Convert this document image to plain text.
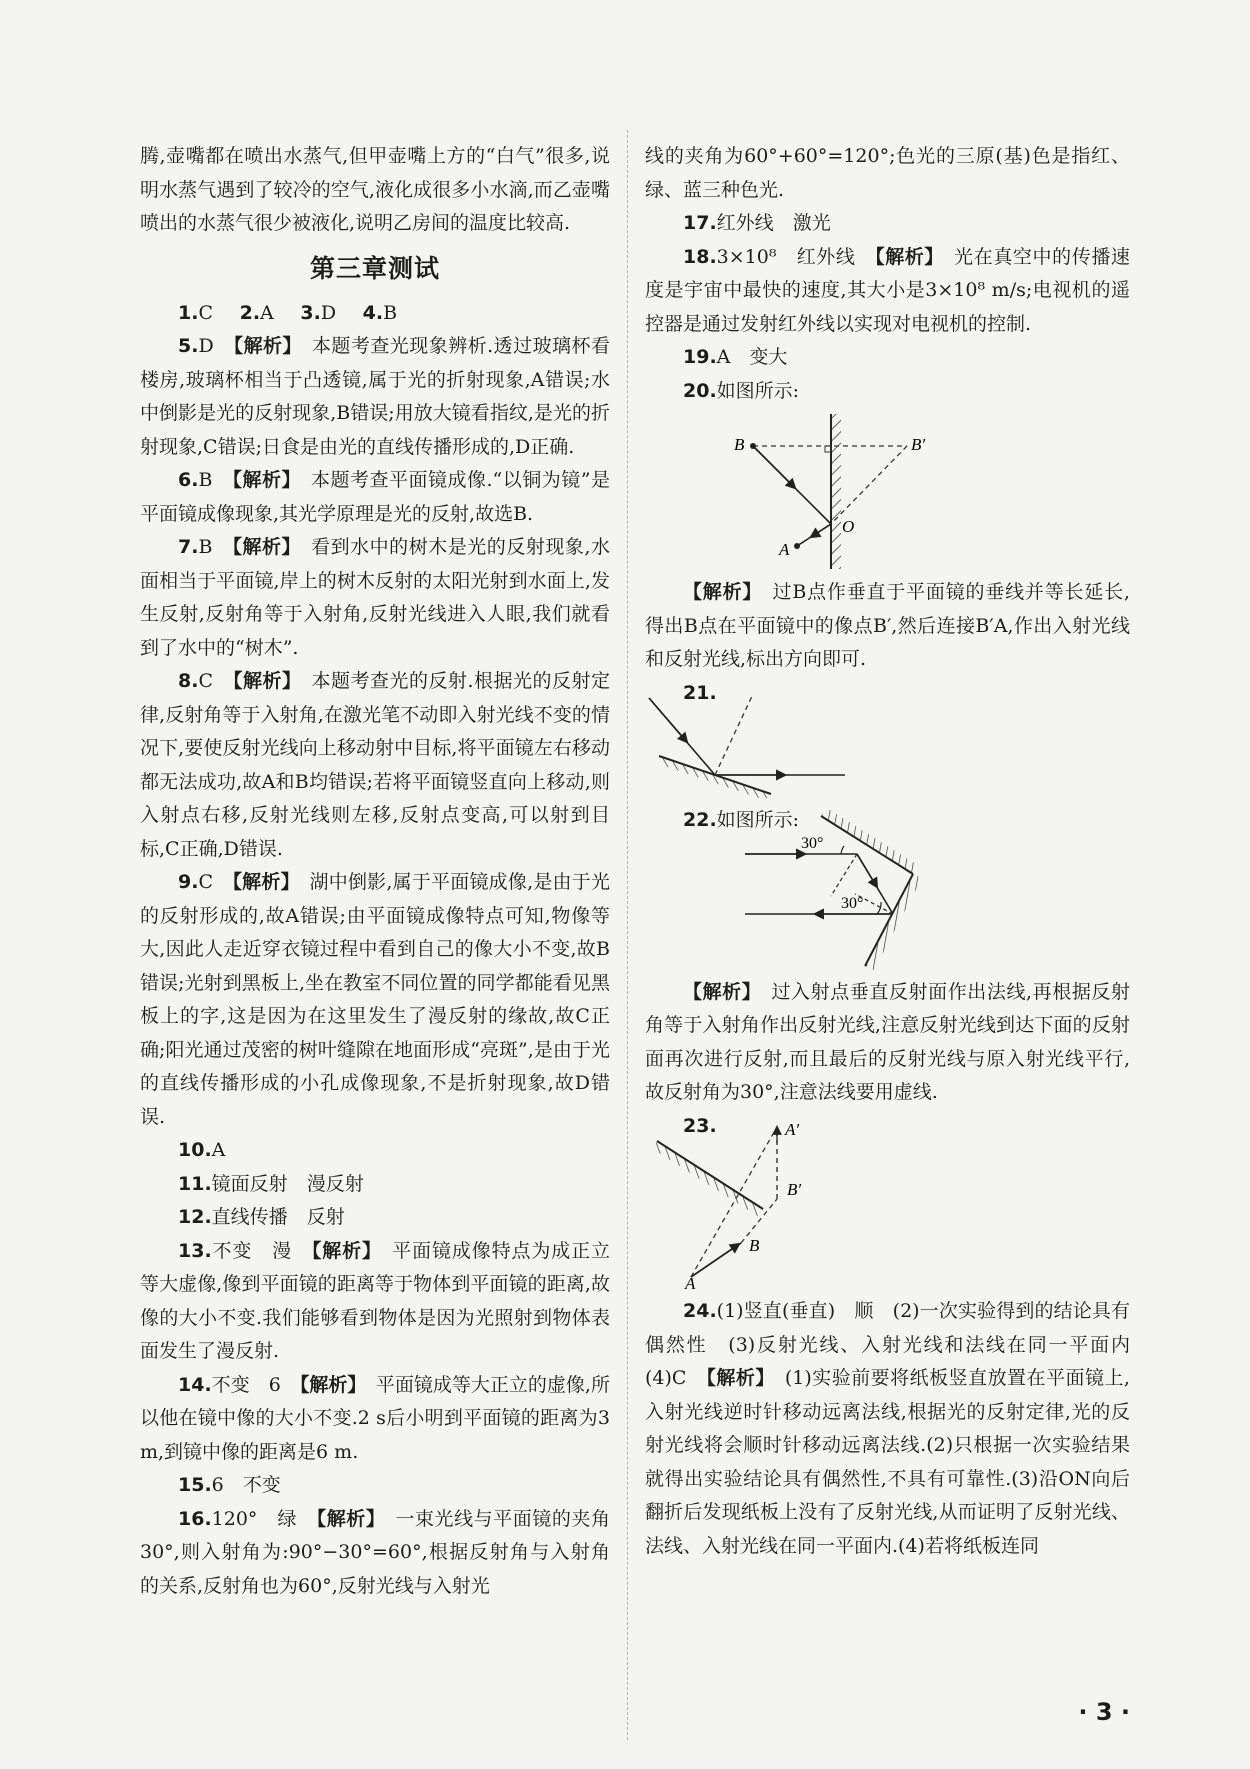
腾,壶嘴都在喷出水蒸气,但甲壶嘴上方的“白气”很多,说明水蒸气遇到了较冷的空气,液化成很多小水滴,而乙壶嘴喷出的水蒸气很少被液化,说明乙房间的温度比较高.

第三章测试

1.C 2.A 3.D 4.B

5.D　 【解析】　 本题考查光现象辨析.透过玻璃杯看楼房,玻璃杯相当于凸透镜,属于光的折射现象,A错误;水中倒影是光的反射现象,B错误;用放大镜看指纹,是光的折射现象,C错误;日食是由光的直线传播形成的,D正确.

6.B　 【解析】　 本题考查平面镜成像.“以铜为镜”是平面镜成像现象,其光学原理是光的反射,故选B.

7.B　 【解析】　 看到水中的树木是光的反射现象,水面相当于平面镜,岸上的树木反射的太阳光射到水面上,发生反射,反射角等于入射角,反射光线进入人眼,我们就看到了水中的“树木”.

8.C　 【解析】　 本题考查光的反射.根据光的反射定律,反射角等于入射角,在激光笔不动即入射光线不变的情况下,要使反射光线向上移动射中目标,将平面镜左右移动都无法成功,故A和B均错误;若将平面镜竖直向上移动,则入射点右移,反射光线则左移,反射点变高,可以射到目标,C正确,D错误.

9.C　 【解析】　 湖中倒影,属于平面镜成像,是由于光的反射形成的,故A错误;由平面镜成像特点可知,物像等大,因此人走近穿衣镜过程中看到自己的像大小不变,故B错误;光射到黑板上,坐在教室不同位置的同学都能看见黑板上的字,这是因为在这里发生了漫反射的缘故,故C正确;阳光通过茂密的树叶缝隙在地面形成“亮斑”,是由于光的直线传播形成的小孔成像现象,不是折射现象,故D错误.

10.A

11.镜面反射　 漫反射

12.直线传播　 反射

13.不变　 漫　 【解析】　 平面镜成像特点为成正立等大虚像,像到平面镜的距离等于物体到平面镜的距离,故像的大小不变.我们能够看到物体是因为光照射到物体表面发生了漫反射.

14.不变　 6　 【解析】　 平面镜成等大正立的虚像,所以他在镜中像的大小不变.2 s后小明到平面镜的距离为3 m,到镜中像的距离是6 m.

15.6　 不变

16.120°　 绿　 【解析】　 一束光线与平面镜的夹角30°,则入射角为:90°−30°=60°,根据反射角与入射角的关系,反射角也为60°,反射光线与入射光

线的夹角为60°+60°=120°;色光的三原(基)色是指红、绿、蓝三种色光.

17.红外线　 激光

18.3×10⁸　 红外线　 【解析】　 光在真空中的传播速度是宇宙中最快的速度,其大小是3×10⁸ m/s;电视机的遥控器是通过发射红外线以实现对电视机的控制.

19.A　 变大

20.如图所示:

B	B′
O
A

【解析】　 过B点作垂直于平面镜的垂线并等长延长,得出B点在平面镜中的像点B′,然后连接B′A,作出入射光线和反射光线,标出方向即可.

21.
22.如图所示:
30°
30°

【解析】　 过入射点垂直反射面作出法线,再根据反射角等于入射角作出反射光线,注意反射光线到达下面的反射面再次进行反射,而且最后的反射光线与原入射光线平行,故反射角为30°,注意法线要用虚线.

23.	A′
B′
B
A

24.(1)竖直(垂直)　顺　(2)一次实验得到的结论具有偶然性　(3)反射光线、入射光线和法线在同一平面内　(4)C　 【解析】　 (1)实验前要将纸板竖直放置在平面镜上,入射光线逆时针移动远离法线,根据光的反射定律,光的反射光线将会顺时针移动远离法线.(2)只根据一次实验结果就得出实验结论具有偶然性,不具有可靠性.(3)沿ON向后翻折后发现纸板上没有了反射光线,从而证明了反射光线、法线、入射光线在同一平面内.(4)若将纸板连同

· 3 ·
